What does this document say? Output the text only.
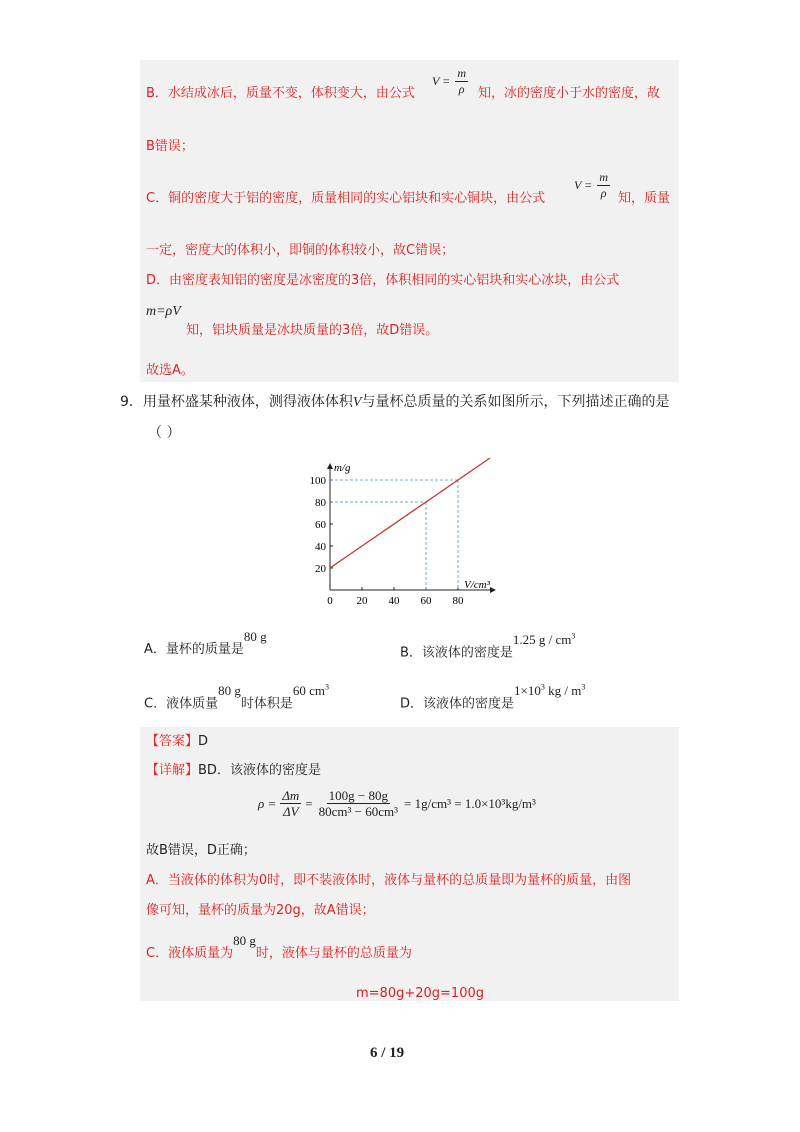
B．水结成冰后，质量不变，体积变大，由公式
$V = \frac{m}{\rho}$ 知，冰的密度小于水的密度，故
B错误；
C．铜的密度大于铝的密度，质量相同的实心铝块和实心铜块，由公式
$V = \frac{m}{\rho}$ 知，质量
一定，密度大的体积小，即铜的体积较小，故C错误；
D．由密度表知铝的密度是冰密度的3倍，体积相同的实心铝块和实心冰块，由公式
m=ρV
知，铝块质量是冰块质量的3倍，故D错误。
故选A。
9．用量杯盛某种液体，测得液体体积V与量杯总质量的关系如图所示，下列描述正确的是
（ ）
0 20 40 60 80
20
40
60
80
100
m/g
V/cm³
A．量杯的质量是80 g
B．该液体的密度是1.25 g / $cm^3$
C．液体质量80 g时体积是60 $cm^3$
D．该液体的密度是$1\times 10^3$ kg / $m^3$
【答案】D
【详解】BD．该液体的密度是
$\rho = \frac{\Delta m}{\Delta V} = \frac{100g - 80g}{\text{80cm³ − 60cm³}} = 1g/cm^3 = 1.0\times 10^3kg/m^3$
故B错误，D正确；
A．当液体的体积为0时，即不装液体时，液体与量杯的总质量即为量杯的质量，由图
像可知，量杯的质量为20g，故A错误；
C．液体质量为80 g时，液体与量杯的总质量为
m=80g+20g=100g
6 / 19
